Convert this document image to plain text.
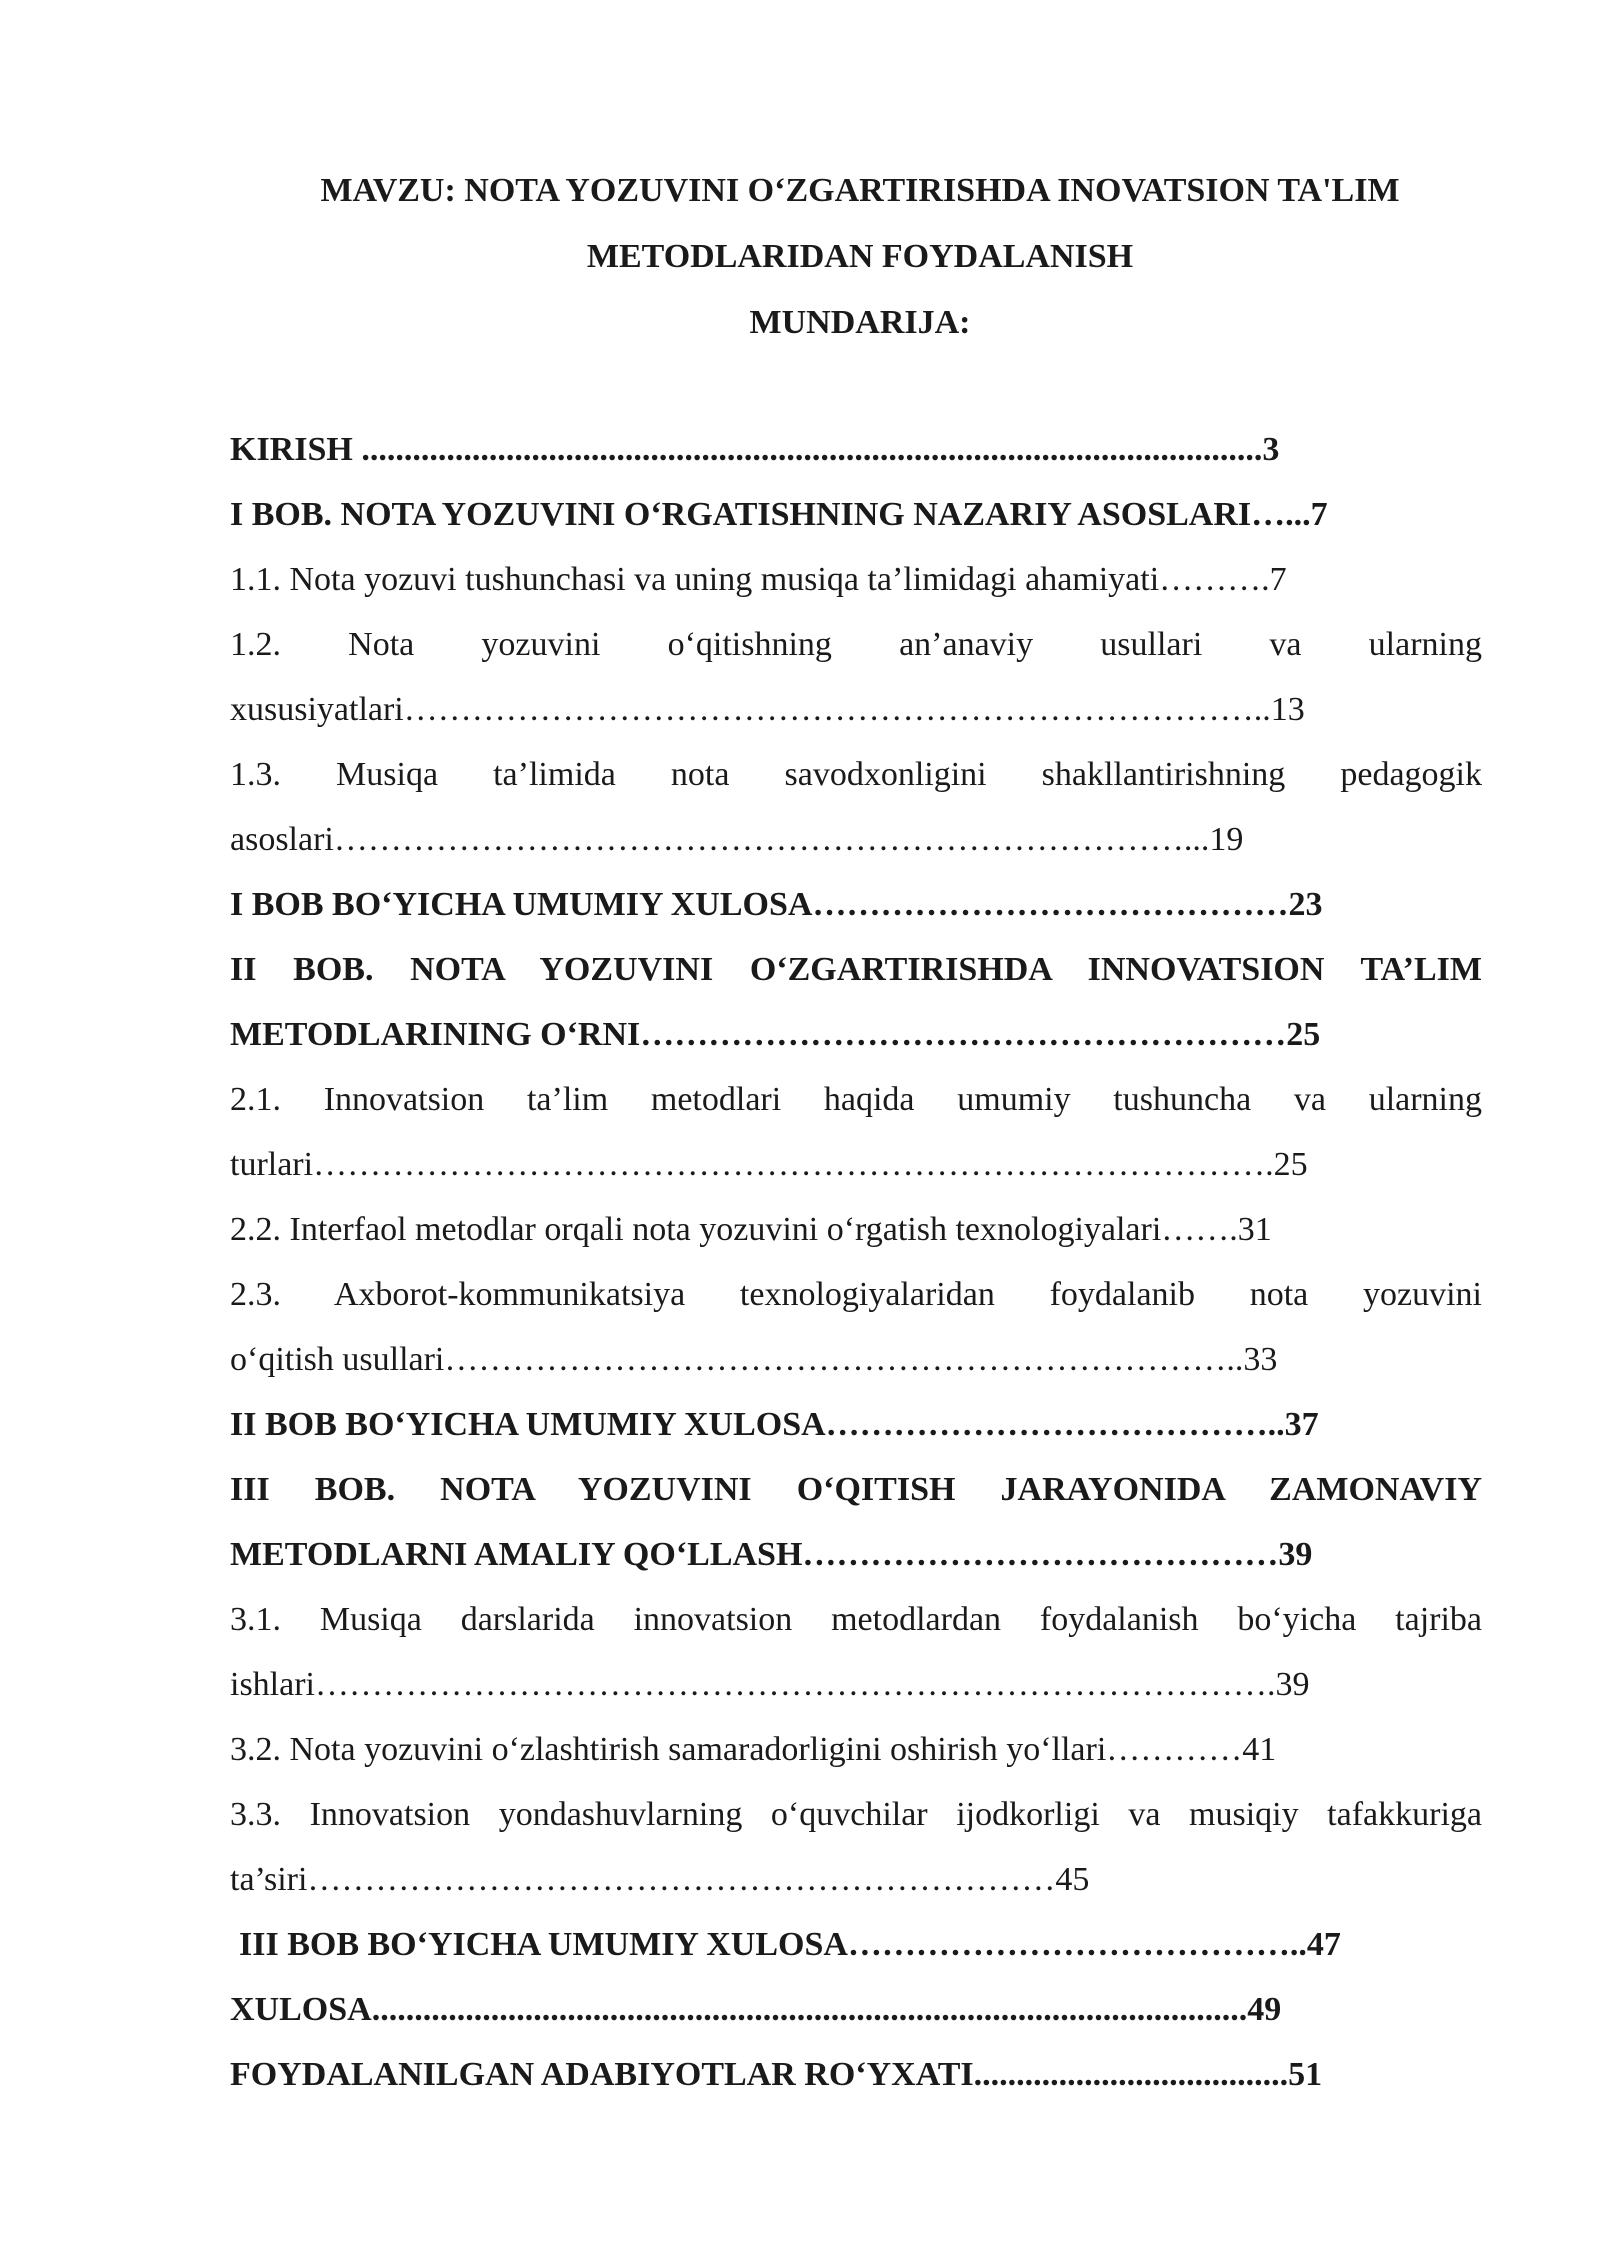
MAVZU: NOTA YOZUVINI O‘ZGARTIRISHDA INOVATSION TA'LIM
METODLARIDAN FOYDALANISH
MUNDARIJA:
KIRISH ..........................................................................................................3
I BOB. NOTA YOZUVINI O‘RGATISHNING NAZARIY ASOSLARI…...7
1.1. Nota yozuvi tushunchasi va uning musiqa ta’limidagi ahamiyati……….7
1.2. Nota yozuvini o‘qitishning an’anaviy usullari va ularning
xususiyatlari…………………………………………………………………..13
1.3. Musiqa ta’limida nota savodxonligini shakllantirishning pedagogik
asoslari…………………………………………………………………...19
I BOB BO‘YICHA UMUMIY XULOSA……………………………………23
II BOB. NOTA YOZUVINI O‘ZGARTIRISHDA INNOVATSION TA’LIM
METODLARINING O‘RNI…………………………………………………25
2.1. Innovatsion ta’lim metodlari haqida umumiy tushuncha va ularning
turlari………………………………………………………………………….25
2.2. Interfaol metodlar orqali nota yozuvini o‘rgatish texnologiyalari…….31
2.3. Axborot-kommunikatsiya texnologiyalaridan foydalanib nota yozuvini
o‘qitish usullari……………………………………………………………..33
II BOB BO‘YICHA UMUMIY XULOSA…………………………………..37
III BOB. NOTA YOZUVINI O‘QITISH JARAYONIDA ZAMONAVIY
METODLARNI AMALIY QO‘LLASH……………………………………39
3.1. Musiqa darslarida innovatsion metodlardan foydalanish bo‘yicha tajriba
ishlari………………………………………………………………………….39
3.2. Nota yozuvini o‘zlashtirish samaradorligini oshirish yo‘llari…………41
3.3. Innovatsion yondashuvlarning o‘quvchilar ijodkorligi va musiqiy tafakkuriga
ta’siri…………………………………………………………45
III BOB BO‘YICHA UMUMIY XULOSA…………………………………..47
XULOSA.......................................................................................................49
FOYDALANILGAN ADABIYOTLAR RO‘YXATI.....................................51
